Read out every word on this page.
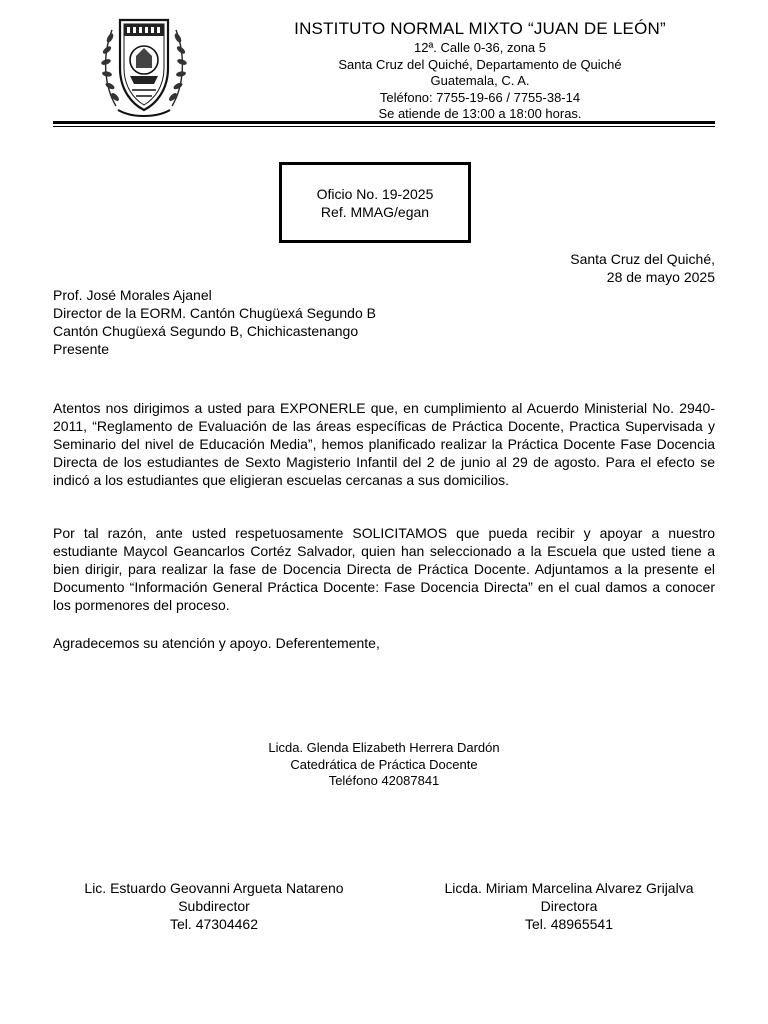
INSTITUTO NORMAL MIXTO “JUAN DE LEÓN”
12ª. Calle 0-36, zona 5
Santa Cruz del Quiché, Departamento de Quiché
Guatemala, C. A.
Teléfono: 7755-19-66 / 7755-38-14
Se atiende de 13:00 a 18:00 horas.
Oficio No. 19-2025
Ref. MMAG/egan
Santa Cruz del Quiché,
28 de mayo 2025
Prof. José Morales Ajanel
Director de la EORM. Cantón Chugüexá Segundo B
Cantón Chugüexá Segundo B, Chichicastenango
Presente
Atentos nos dirigimos a usted para EXPONERLE que, en cumplimiento al Acuerdo Ministerial No. 2940-2011, “Reglamento de Evaluación de las áreas específicas de Práctica Docente, Practica Supervisada y Seminario del nivel de Educación Media”, hemos planificado realizar la Práctica Docente Fase Docencia Directa de los estudiantes de Sexto Magisterio Infantil del 2 de junio al 29 de agosto. Para el efecto se indicó a los estudiantes que eligieran escuelas cercanas a sus domicilios.
Por tal razón, ante usted respetuosamente SOLICITAMOS que pueda recibir y apoyar a nuestro estudiante Maycol Geancarlos Cortéz Salvador, quien han seleccionado a la Escuela que usted tiene a bien dirigir, para realizar la fase de Docencia Directa de Práctica Docente. Adjuntamos a la presente el Documento “Información General Práctica Docente: Fase Docencia Directa” en el cual damos a conocer los pormenores del proceso.
Agradecemos su atención y apoyo. Deferentemente,
Licda. Glenda Elizabeth Herrera Dardón
Catedrática de Práctica Docente
Teléfono 42087841
Lic. Estuardo Geovanni Argueta Natareno
Subdirector
Tel. 47304462
Licda. Miriam Marcelina Alvarez Grijalva
Directora
Tel. 48965541
